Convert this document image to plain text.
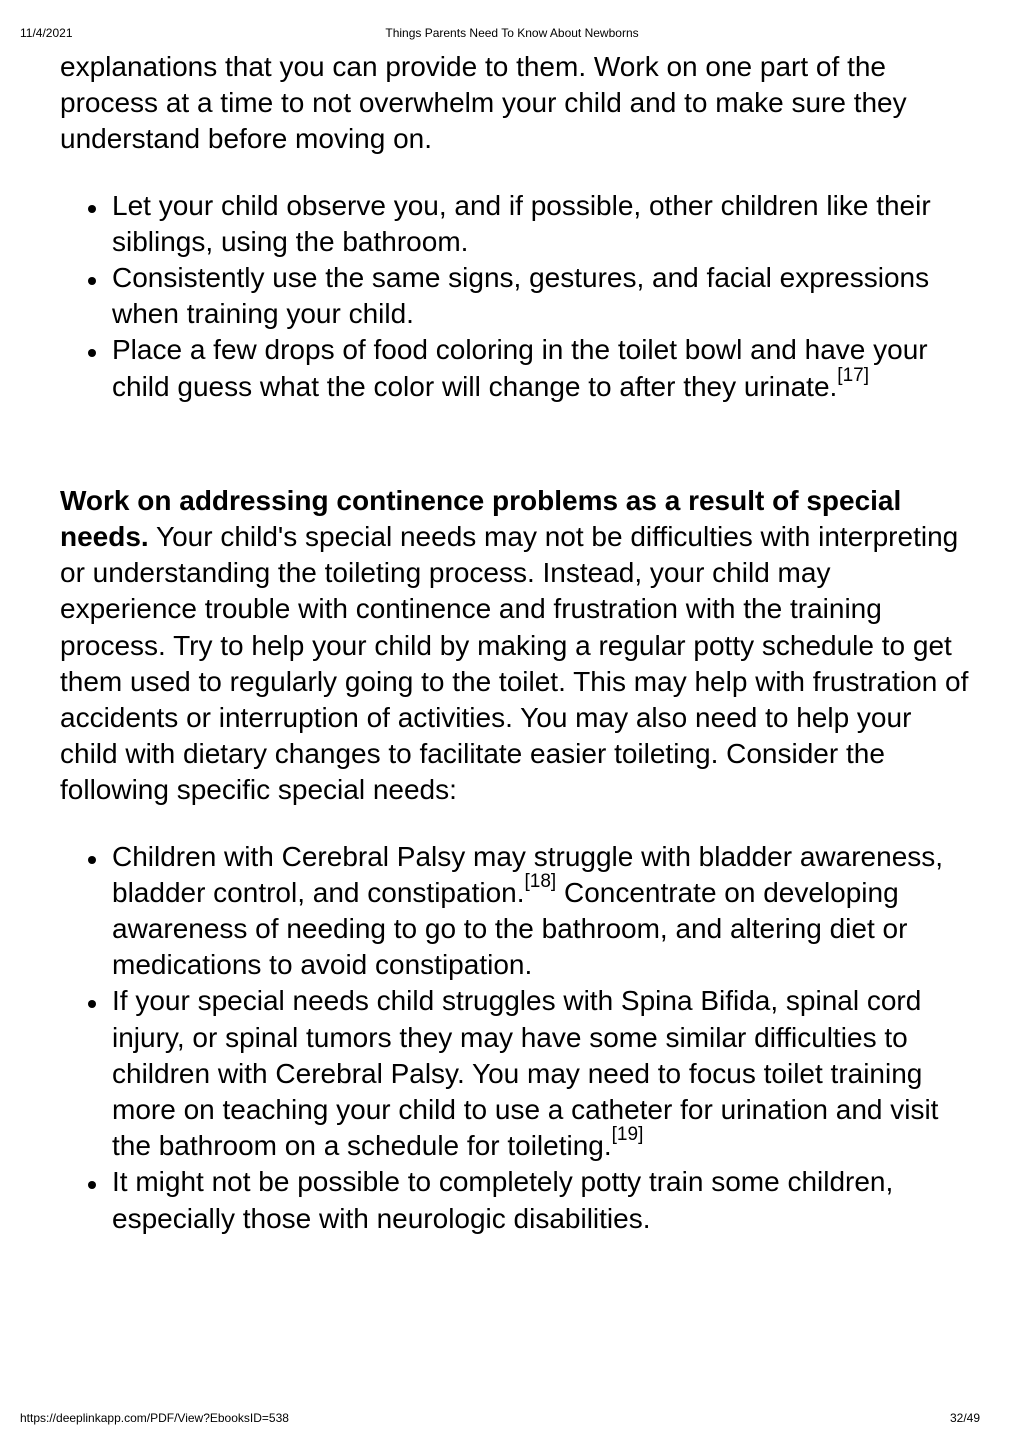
11/4/2021	Things Parents Need To Know About Newborns

explanations that you can provide to them. Work on one part of the process at a time to not overwhelm your child and to make sure they understand before moving on.

Let your child observe you, and if possible, other children like their siblings, using the bathroom.
Consistently use the same signs, gestures, and facial expressions when training your child.
Place a few drops of food coloring in the toilet bowl and have your child guess what the color will change to after they urinate.[17]

Work on addressing continence problems as a result of special needs. Your child's special needs may not be difficulties with interpreting or understanding the toileting process. Instead, your child may experience trouble with continence and frustration with the training process. Try to help your child by making a regular potty schedule to get them used to regularly going to the toilet. This may help with frustration of accidents or interruption of activities. You may also need to help your child with dietary changes to facilitate easier toileting. Consider the following specific special needs:

Children with Cerebral Palsy may struggle with bladder awareness, bladder control, and constipation.[18] Concentrate on developing awareness of needing to go to the bathroom, and altering diet or medications to avoid constipation.
If your special needs child struggles with Spina Bifida, spinal cord injury, or spinal tumors they may have some similar difficulties to children with Cerebral Palsy. You may need to focus toilet training more on teaching your child to use a catheter for urination and visit the bathroom on a schedule for toileting.[19]
It might not be possible to completely potty train some children, especially those with neurologic disabilities.
https://deeplinkapp.com/PDF/View?EbooksID=538	32/49
